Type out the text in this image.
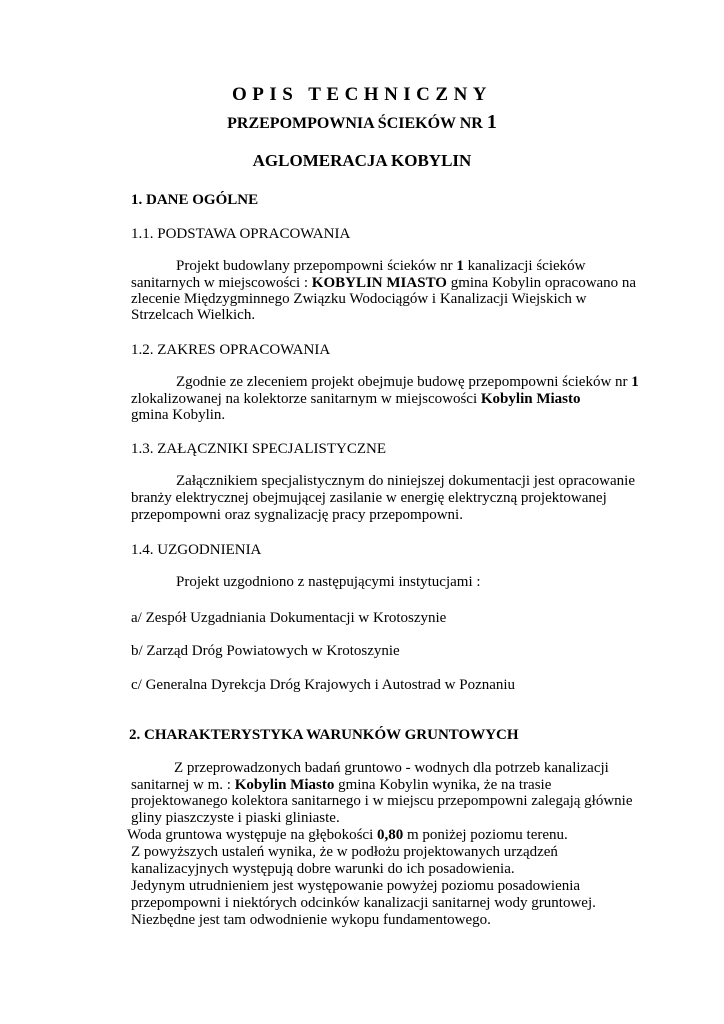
OPIS TECHNICZNY
PRZEPOMPOWNIA ŚCIEKÓW NR 1
AGLOMERACJA KOBYLIN
1. DANE OGÓLNE
1.1. PODSTAWA OPRACOWANIA
Projekt budowlany przepompowni ścieków nr 1 kanalizacji ścieków
sanitarnych w miejscowości : KOBYLIN MIASTO gmina Kobylin opracowano na
zlecenie Międzygminnego Związku Wodociągów i Kanalizacji Wiejskich w
Strzelcach Wielkich.
1.2. ZAKRES OPRACOWANIA
Zgodnie ze zleceniem projekt obejmuje budowę przepompowni ścieków nr 1
zlokalizowanej na kolektorze sanitarnym w miejscowości Kobylin Miasto
gmina Kobylin.
1.3. ZAŁĄCZNIKI SPECJALISTYCZNE
Załącznikiem specjalistycznym do niniejszej dokumentacji jest opracowanie
branży elektrycznej obejmującej zasilanie w energię elektryczną projektowanej
przepompowni oraz sygnalizację pracy przepompowni.
1.4. UZGODNIENIA
Projekt uzgodniono z następującymi instytucjami :
a/ Zespół Uzgadniania Dokumentacji w Krotoszynie
b/ Zarząd Dróg Powiatowych w Krotoszynie
c/ Generalna Dyrekcja Dróg Krajowych i Autostrad w Poznaniu
2. CHARAKTERYSTYKA WARUNKÓW GRUNTOWYCH
Z przeprowadzonych badań gruntowo - wodnych dla potrzeb kanalizacji
sanitarnej w m. : Kobylin Miasto gmina Kobylin wynika, że na trasie
projektowanego kolektora sanitarnego i w miejscu przepompowni zalegają głównie
gliny piaszczyste i piaski gliniaste.
Woda gruntowa występuje na głębokości 0,80 m poniżej poziomu terenu.
Z powyższych ustaleń wynika, że w podłożu projektowanych urządzeń
kanalizacyjnych występują dobre warunki do ich posadowienia.
Jedynym utrudnieniem jest występowanie powyżej poziomu posadowienia
przepompowni i niektórych odcinków kanalizacji sanitarnej wody gruntowej.
Niezbędne jest tam odwodnienie wykopu fundamentowego.
